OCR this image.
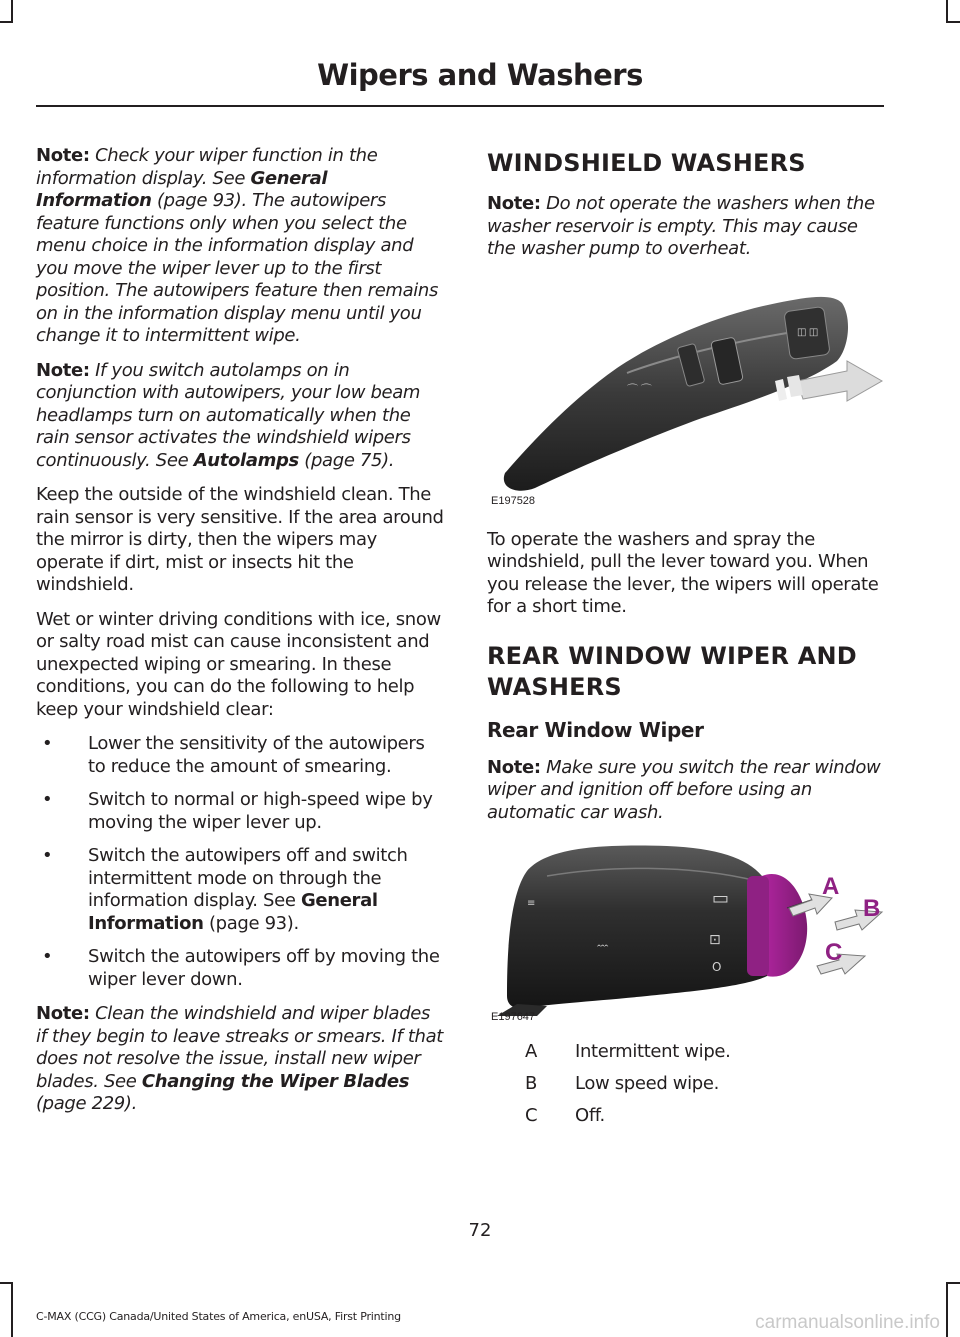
Wipers and Washers

Note: Check your wiper function in the information display. See General Information (page 93). The autowipers feature functions only when you select the menu choice in the information display and you move the wiper lever up to the first position. The autowipers feature then remains on in the information display menu until you change it to intermittent wipe.

Note: If you switch autolamps on in conjunction with autowipers, your low beam headlamps turn on automatically when the rain sensor activates the windshield wipers continuously. See Autolamps (page 75).

Keep the outside of the windshield clean. The rain sensor is very sensitive. If the area around the mirror is dirty, then the wipers may operate if dirt, mist or insects hit the windshield.

Wet or winter driving conditions with ice, snow or salty road mist can cause inconsistent and unexpected wiping or smearing. In these conditions, you can do the following to help keep your windshield clear:

• Lower the sensitivity of the autowipers to reduce the amount of smearing.
• Switch to normal or high-speed wipe by moving the wiper lever up.
• Switch the autowipers off and switch intermittent mode on through the information display. See General Information (page 93).
• Switch the autowipers off by moving the wiper lever down.

Note: Clean the windshield and wiper blades if they begin to leave streaks or smears. If that does not resolve the issue, install new wiper blades. See Changing the Wiper Blades (page 229).

WINDSHIELD WASHERS

Note: Do not operate the washers when the washer reservoir is empty. This may cause the washer pump to overheat.

⌒ ⌒
◫ ◫
E197528

To operate the washers and spray the windshield, pull the lever toward you. When you release the lever, the wipers will operate for a short time.

REAR WINDOW WIPER AND
WASHERS
Rear Window Wiper

Note: Make sure you switch the rear window wiper and ignition off before using an automatic car wash.

▭
⊡
O
ꞈꞈꞈ
≡
A
B
C
E197647
A	Intermittent wipe.
B	Low speed wipe.
C	Off.
72
C-MAX (CCG) Canada/United States of America, enUSA, First Printing	carmanualsonline.info
